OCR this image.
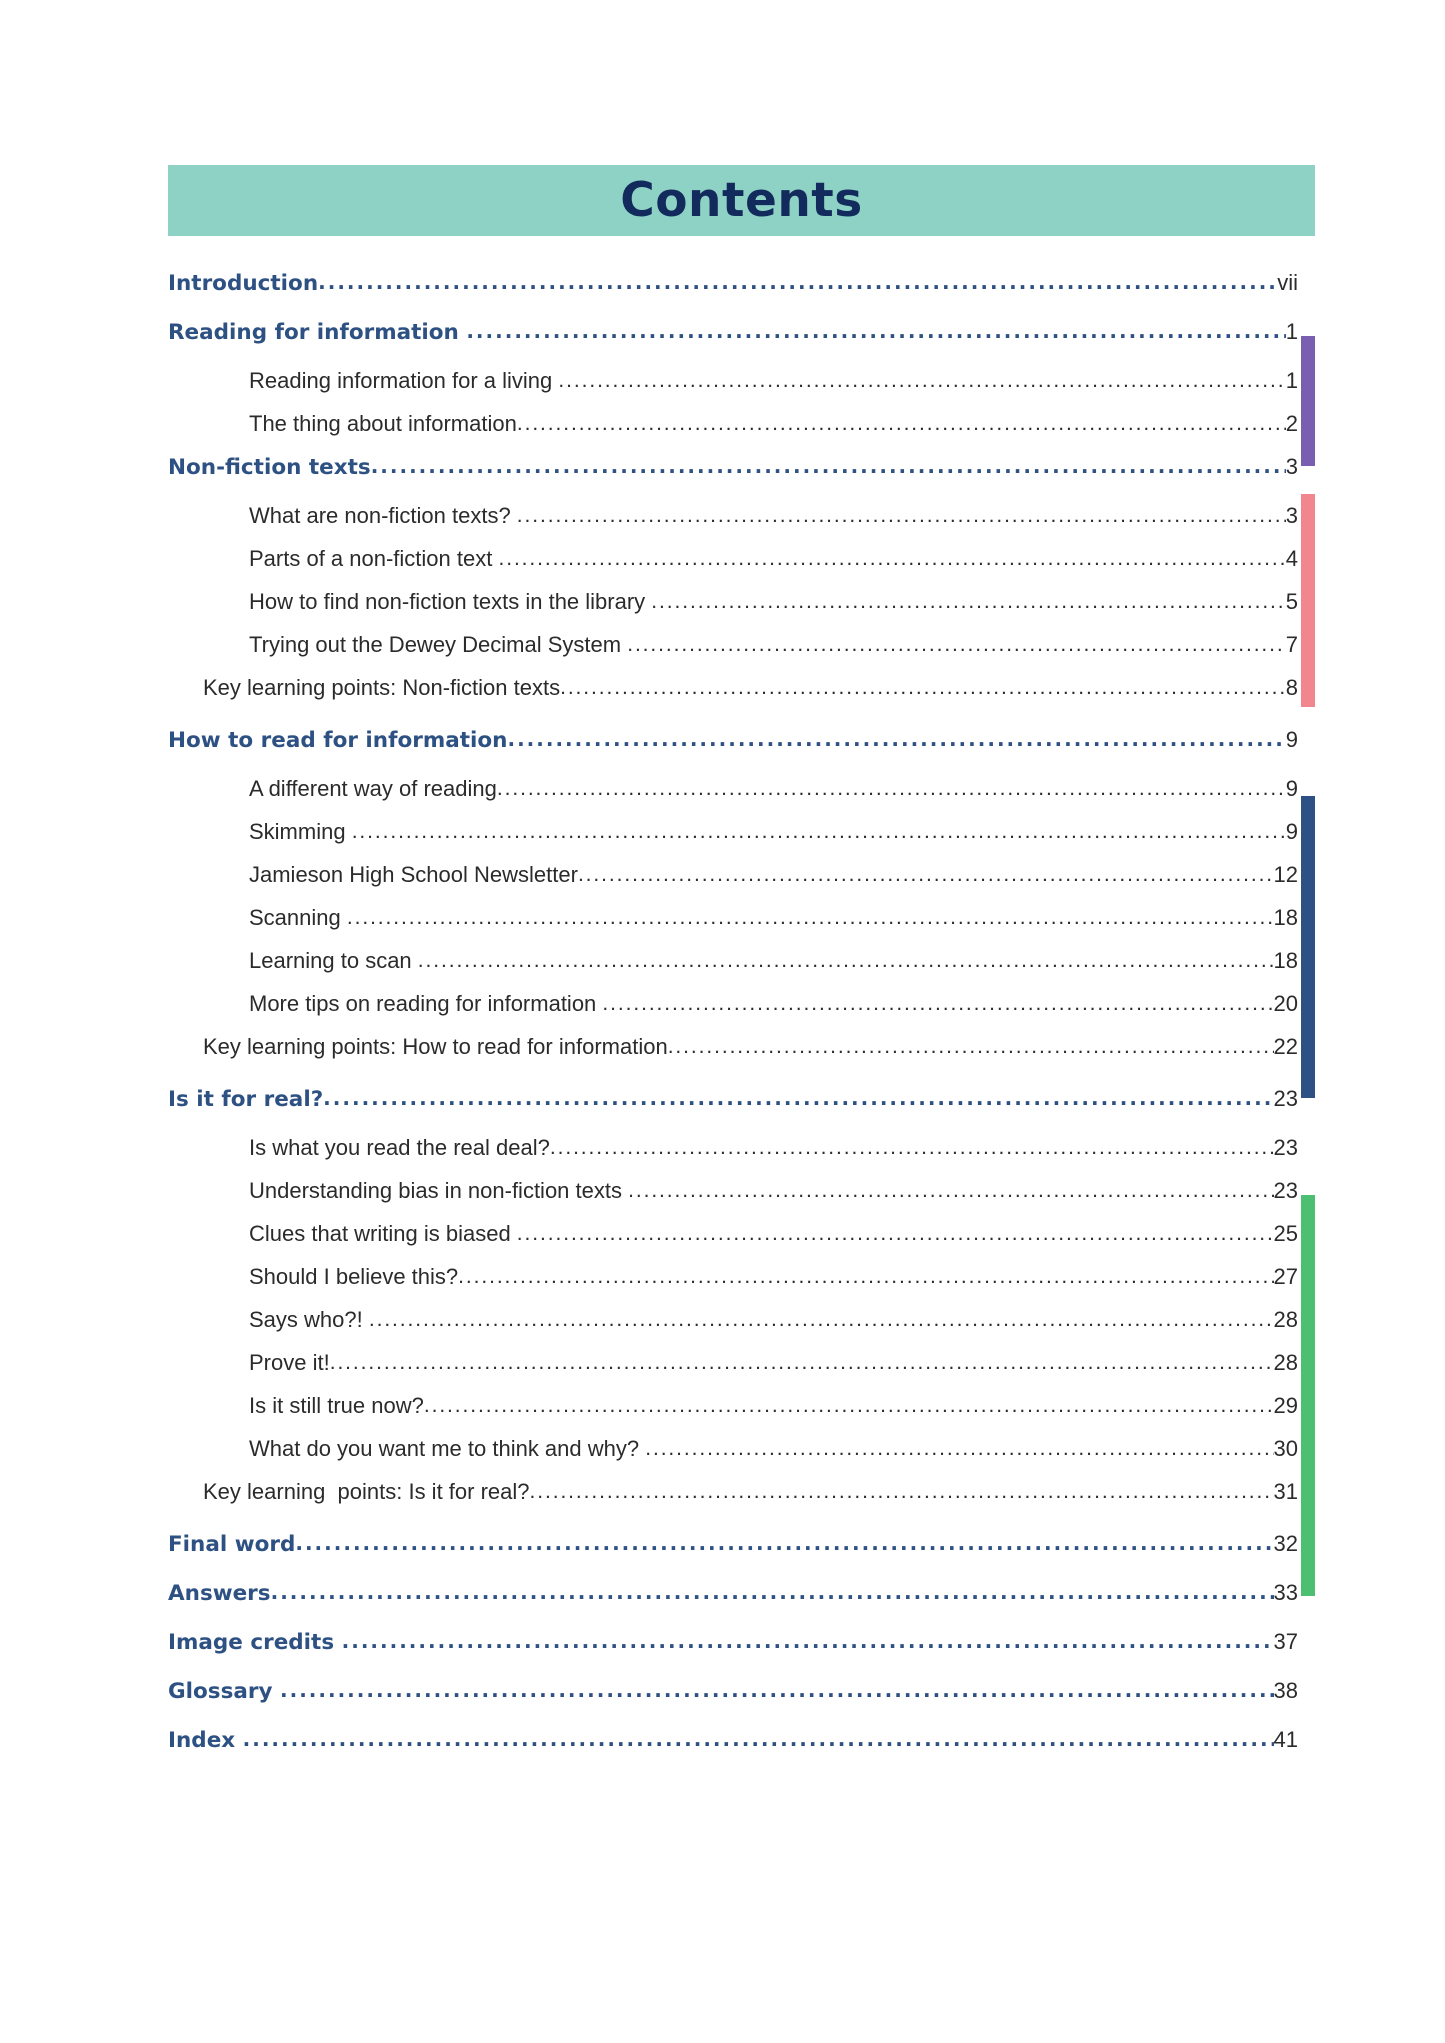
Contents
Introduction .....	vii
Reading for information .....	1
Reading information for a living .....	1
The thing about information .....	2
Non-fiction texts .....	3
What are non-fiction texts? .....	3
Parts of a non-fiction text .....	4
How to find non-fiction texts in the library .....	5
Trying out the Dewey Decimal System .....	7
Key learning points: Non-fiction texts .....	8
How to read for information .....	9
A different way of reading .....	9
Skimming .....	9
Jamieson High School Newsletter .....	12
Scanning .....	18
Learning to scan .....	18
More tips on reading for information .....	20
Key learning points: How to read for information .....	22
Is it for real? .....	23
Is what you read the real deal? .....	23
Understanding bias in non-fiction texts .....	23
Clues that writing is biased .....	25
Should I believe this? .....	27
Says who?! .....	28
Prove it! .....	28
Is it still true now? .....	29
What do you want me to think and why? .....	30
Key learning  points: Is it for real? .....	31
Final word .....	32
Answers .....	33
Image credits .....	37
Glossary .....	38
Index .....	41
